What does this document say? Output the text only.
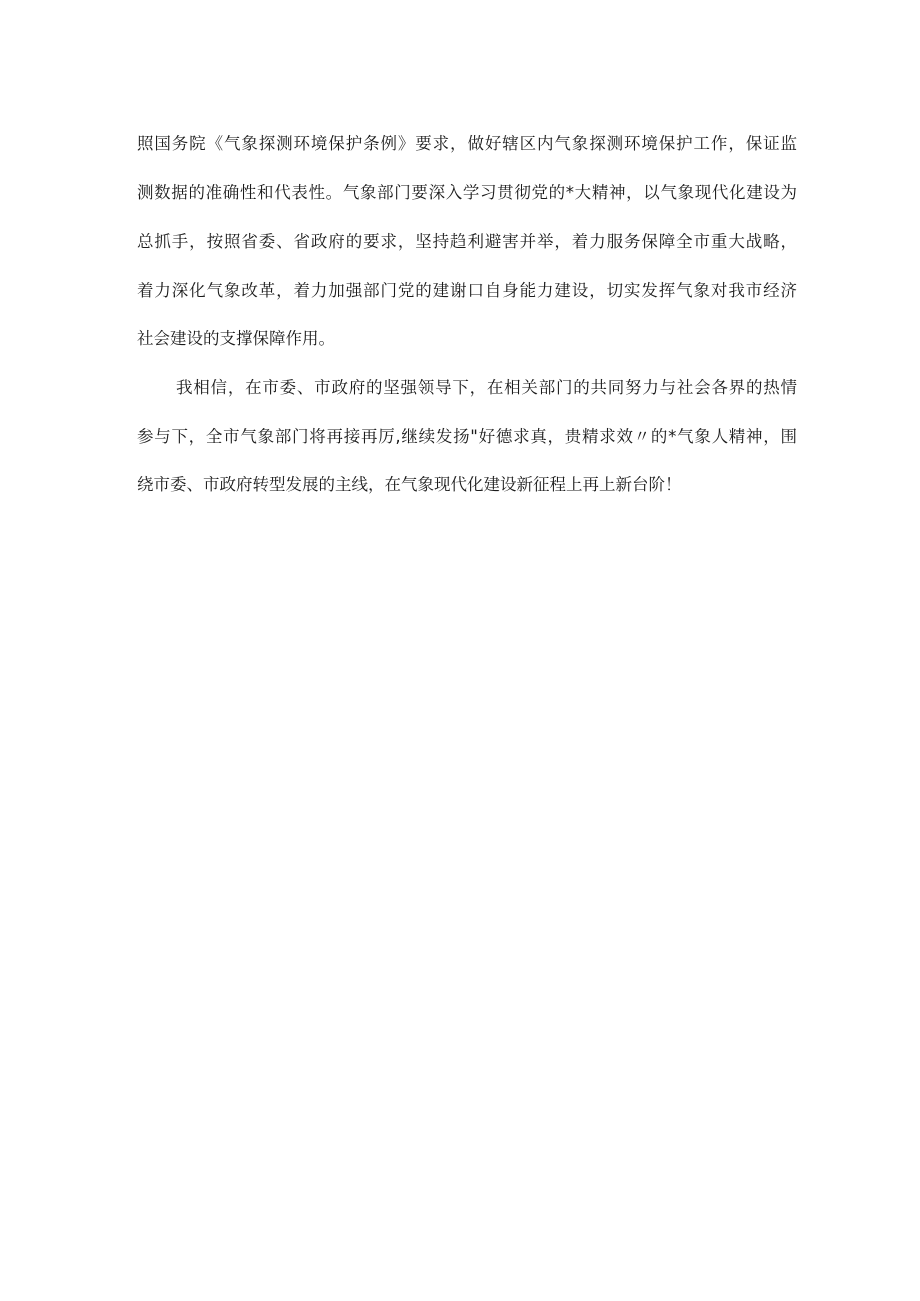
照国务院《气象探测环境保护条例》要求，做好辖区内气象探测环境保护工作，保证监
测数据的准确性和代表性。气象部门要深入学习贯彻党的*大精神，以气象现代化建设为
总抓手，按照省委、省政府的要求，坚持趋利避害并举，着力服务保障全市重大战略，
着力深化气象改革，着力加强部门党的建谢口自身能力建设，切实发挥气象对我市经济
社会建设的支撑保障作用。
我相信，在市委、市政府的坚强领导下，在相关部门的共同努力与社会各界的热情
参与下，全市气象部门将再接再厉,继续发扬"好德求真，贵精求效〃的*气象人精神，围
绕市委、市政府转型发展的主线，在气象现代化建设新征程上再上新台阶！
